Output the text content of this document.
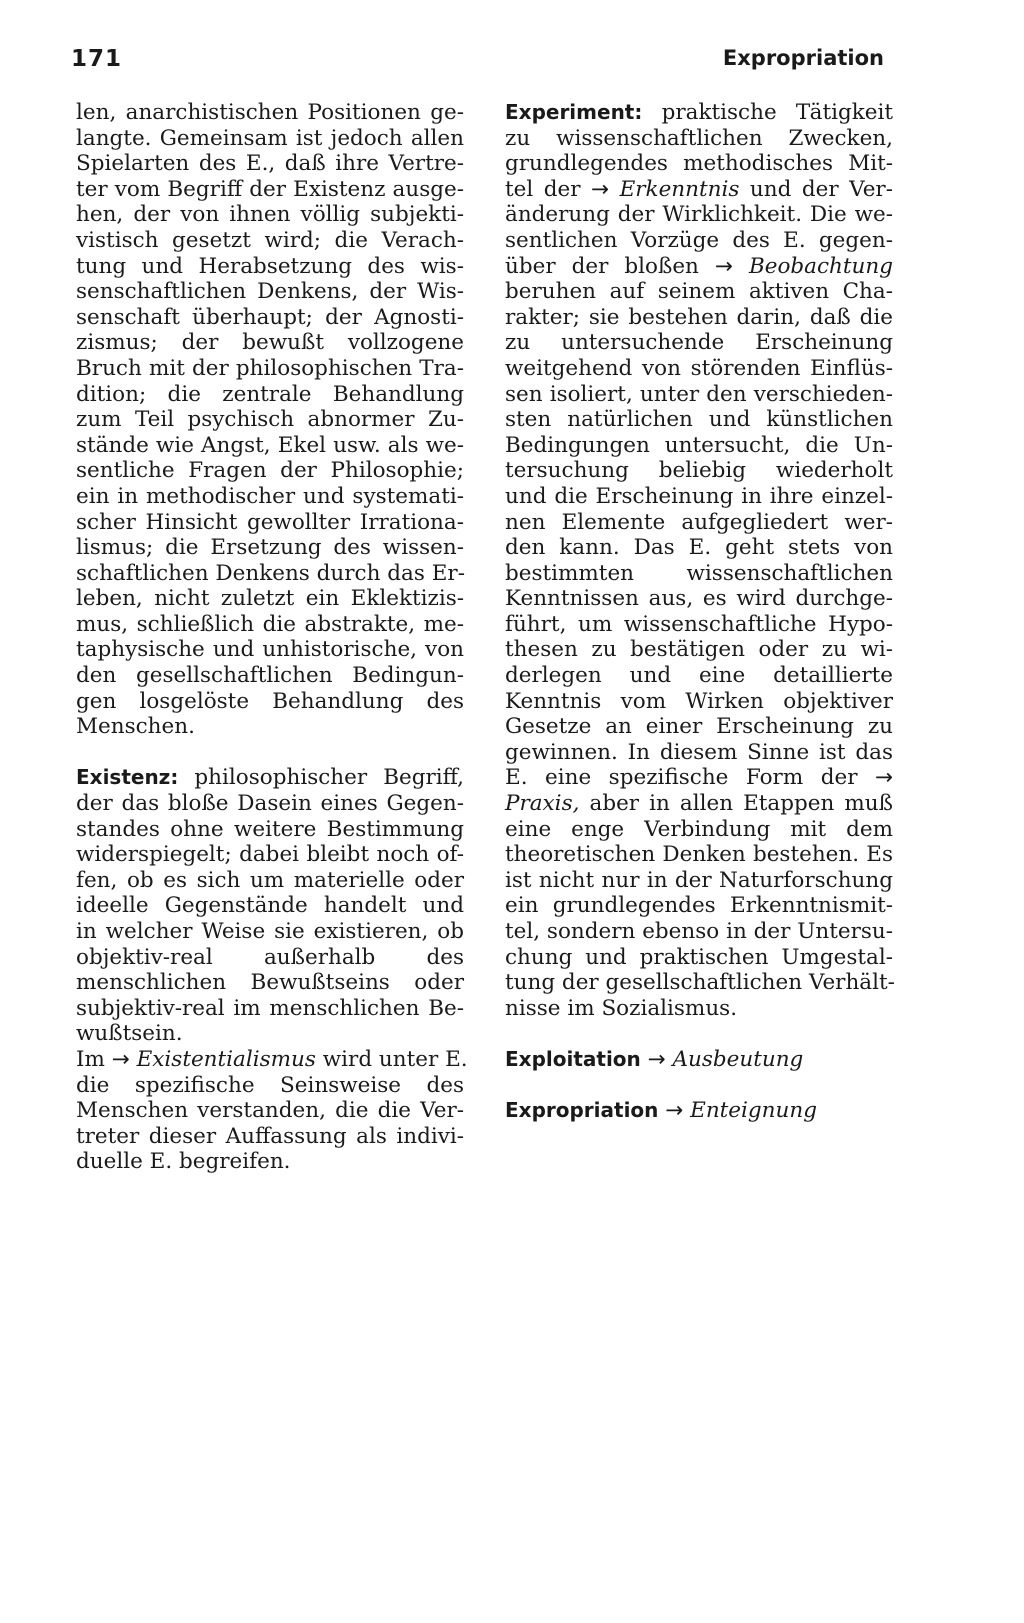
171	Expropriation
len, anarchistischen Positionen ge-
langte. Gemeinsam ist jedoch allen
Spielarten des E., daß ihre Vertre-
ter vom Begriff der Existenz ausge-
hen, der von ihnen völlig subjekti-
vistisch gesetzt wird; die Verach-
tung und Herabsetzung des wis-
senschaftlichen Denkens, der Wis-
senschaft überhaupt; der Agnosti-
zismus; der bewußt vollzogene
Bruch mit der philosophischen Tra-
dition; die zentrale Behandlung
zum Teil psychisch abnormer Zu-
stände wie Angst, Ekel usw. als we-
sentliche Fragen der Philosophie;
ein in methodischer und systemati-
scher Hinsicht gewollter Irrationa-
lismus; die Ersetzung des wissen-
schaftlichen Denkens durch das Er-
leben, nicht zuletzt ein Eklektizis-
mus, schließlich die abstrakte, me-
taphysische und unhistorische, von
den gesellschaftlichen Bedingun-
gen losgelöste Behandlung des
Menschen.
Existenz: philosophischer Begriff,
der das bloße Dasein eines Gegen-
standes ohne weitere Bestimmung
widerspiegelt; dabei bleibt noch of-
fen, ob es sich um materielle oder
ideelle Gegenstände handelt und
in welcher Weise sie existieren, ob
objektiv-real außerhalb des
menschlichen Bewußtseins oder
subjektiv-real im menschlichen Be-
wußtsein.
Im → Existentialismus wird unter E.
die spezifische Seinsweise des
Menschen verstanden, die die Ver-
treter dieser Auffassung als indivi-
duelle E. begreifen.
Experiment: praktische Tätigkeit
zu wissenschaftlichen Zwecken,
grundlegendes methodisches Mit-
tel der → Erkenntnis und der Ver-
änderung der Wirklichkeit. Die we-
sentlichen Vorzüge des E. gegen-
über der bloßen → Beobachtung
beruhen auf seinem aktiven Cha-
rakter; sie bestehen darin, daß die
zu untersuchende Erscheinung
weitgehend von störenden Einflüs-
sen isoliert, unter den verschieden-
sten natürlichen und künstlichen
Bedingungen untersucht, die Un-
tersuchung beliebig wiederholt
und die Erscheinung in ihre einzel-
nen Elemente aufgegliedert wer-
den kann. Das E. geht stets von
bestimmten wissenschaftlichen
Kenntnissen aus, es wird durchge-
führt, um wissenschaftliche Hypo-
thesen zu bestätigen oder zu wi-
derlegen und eine detaillierte
Kenntnis vom Wirken objektiver
Gesetze an einer Erscheinung zu
gewinnen. In diesem Sinne ist das
E. eine spezifische Form der →
Praxis, aber in allen Etappen muß
eine enge Verbindung mit dem
theoretischen Denken bestehen. Es
ist nicht nur in der Naturforschung
ein grundlegendes Erkenntnismit-
tel, sondern ebenso in der Untersu-
chung und praktischen Umgestal-
tung der gesellschaftlichen Verhält-
nisse im Sozialismus.
Exploitation → Ausbeutung
Expropriation → Enteignung
